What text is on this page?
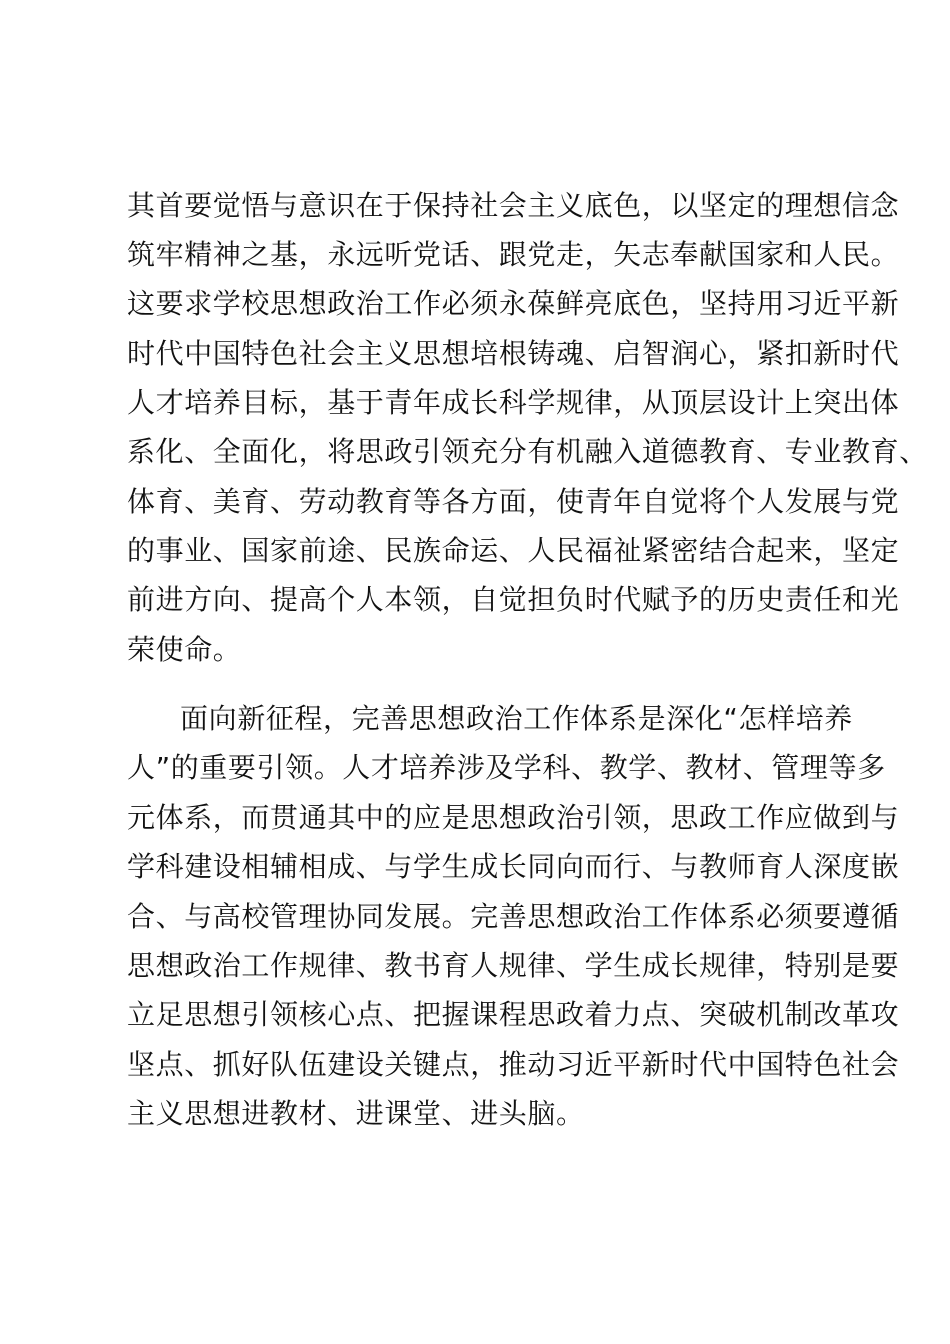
其首要觉悟与意识在于保持社会主义底色，以坚定的理想信念
筑牢精神之基，永远听党话、跟党走，矢志奉献国家和人民。
这要求学校思想政治工作必须永葆鲜亮底色，坚持用习近平新
时代中国特色社会主义思想培根铸魂、启智润心，紧扣新时代
人才培养目标，基于青年成长科学规律，从顶层设计上突出体
系化、全面化，将思政引领充分有机融入道德教育、专业教育、
体育、美育、劳动教育等各方面，使青年自觉将个人发展与党
的事业、国家前途、民族命运、人民福祉紧密结合起来，坚定
前进方向、提高个人本领，自觉担负时代赋予的历史责任和光
荣使命。
面向新征程，完善思想政治工作体系是深化“怎样培养
人”的重要引领。人才培养涉及学科、教学、教材、管理等多
元体系，而贯通其中的应是思想政治引领，思政工作应做到与
学科建设相辅相成、与学生成长同向而行、与教师育人深度嵌
合、与高校管理协同发展。完善思想政治工作体系必须要遵循
思想政治工作规律、教书育人规律、学生成长规律，特别是要
立足思想引领核心点、把握课程思政着力点、突破机制改革攻
坚点、抓好队伍建设关键点，推动习近平新时代中国特色社会
主义思想进教材、进课堂、进头脑。
